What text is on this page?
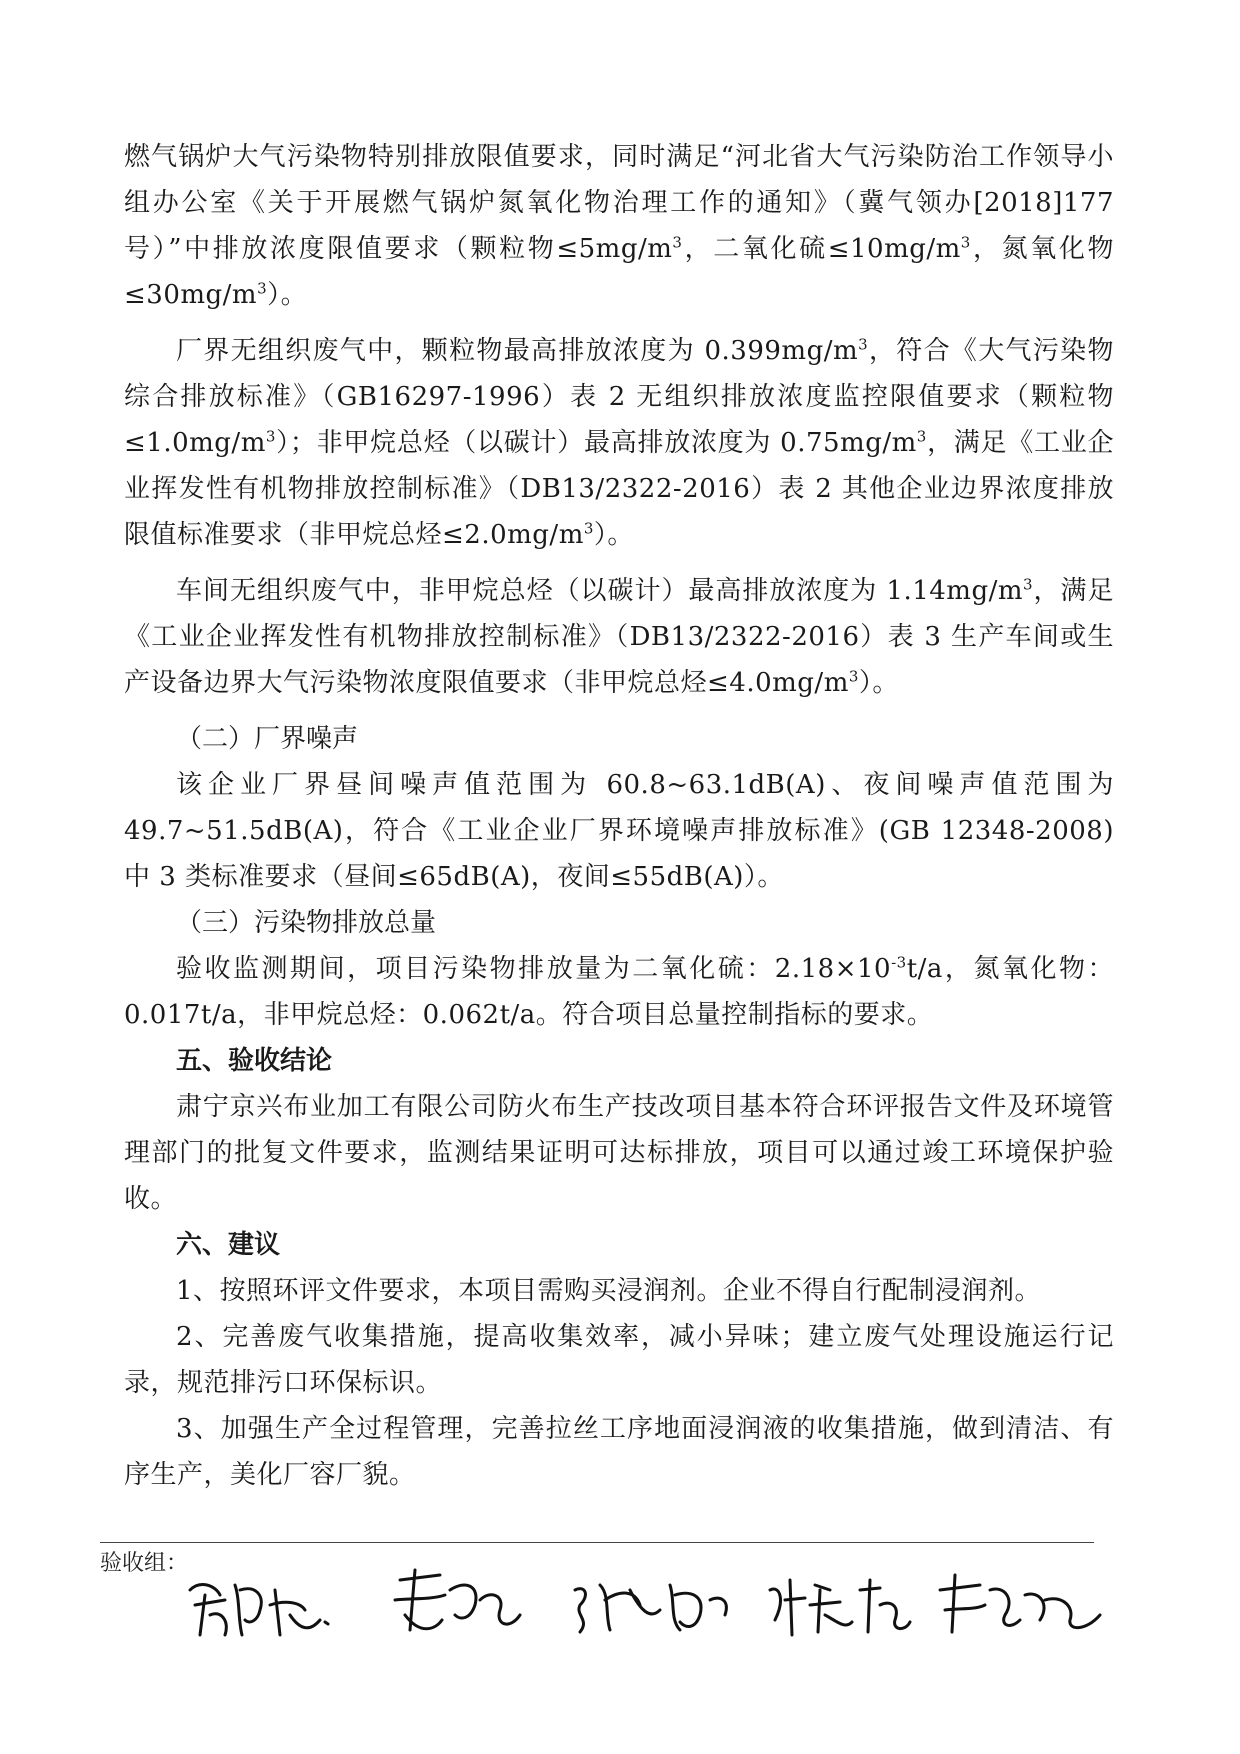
燃气锅炉大气污染物特别排放限值要求，同时满足“河北省大气污染防治工作领导小组办公室《关于开展燃气锅炉氮氧化物治理工作的通知》（冀气领办[2018]177 号）”中排放浓度限值要求（颗粒物$\le 5mg/m^3$，二氧化硫$\le 10mg/m^3$，氮氧化物$\le 30mg/m^3$）。

厂界无组织废气中，颗粒物最高排放浓度为 $0.399mg/m^3$，符合《大气污染物综合排放标准》（GB16297-1996）表 2 无组织排放浓度监控限值要求（颗粒物$\le 1.0mg/m^3$）；非甲烷总烃（以碳计）最高排放浓度为 $0.75mg/m^3$，满足《工业企业挥发性有机物排放控制标准》（DB13/2322-2016）表 2 其他企业边界浓度排放限值标准要求（非甲烷总烃$\le 2.0mg/m^3$）。

车间无组织废气中，非甲烷总烃（以碳计）最高排放浓度为 $1.14mg/m^3$，满足《工业企业挥发性有机物排放控制标准》（DB13/2322-2016）表 3 生产车间或生产设备边界大气污染物浓度限值要求（非甲烷总烃$\le 4.0mg/m^3$）。

（二）厂界噪声

该企业厂界昼间噪声值范围为 60.8~63.1dB(A)、夜间噪声值范围为 49.7~51.5dB(A)，符合《工业企业厂界环境噪声排放标准》(GB 12348-2008) 中 3 类标准要求（昼间≤65dB(A)，夜间≤55dB(A)）。

（三）污染物排放总量

验收监测期间，项目污染物排放量为二氧化硫：$2.18\times 10^{-3}t/a$，氮氧化物：0.017t/a，非甲烷总烃：0.062t/a。符合项目总量控制指标的要求。

五、验收结论

肃宁京兴布业加工有限公司防火布生产技改项目基本符合环评报告文件及环境管理部门的批复文件要求，监测结果证明可达标排放，项目可以通过竣工环境保护验收。

六、建议

1、按照环评文件要求，本项目需购买浸润剂。企业不得自行配制浸润剂。

2、完善废气收集措施，提高收集效率，减小异味；建立废气处理设施运行记录，规范排污口环保标识。

3、加强生产全过程管理，完善拉丝工序地面浸润液的收集措施，做到清洁、有序生产，美化厂容厂貌。

验收组：
